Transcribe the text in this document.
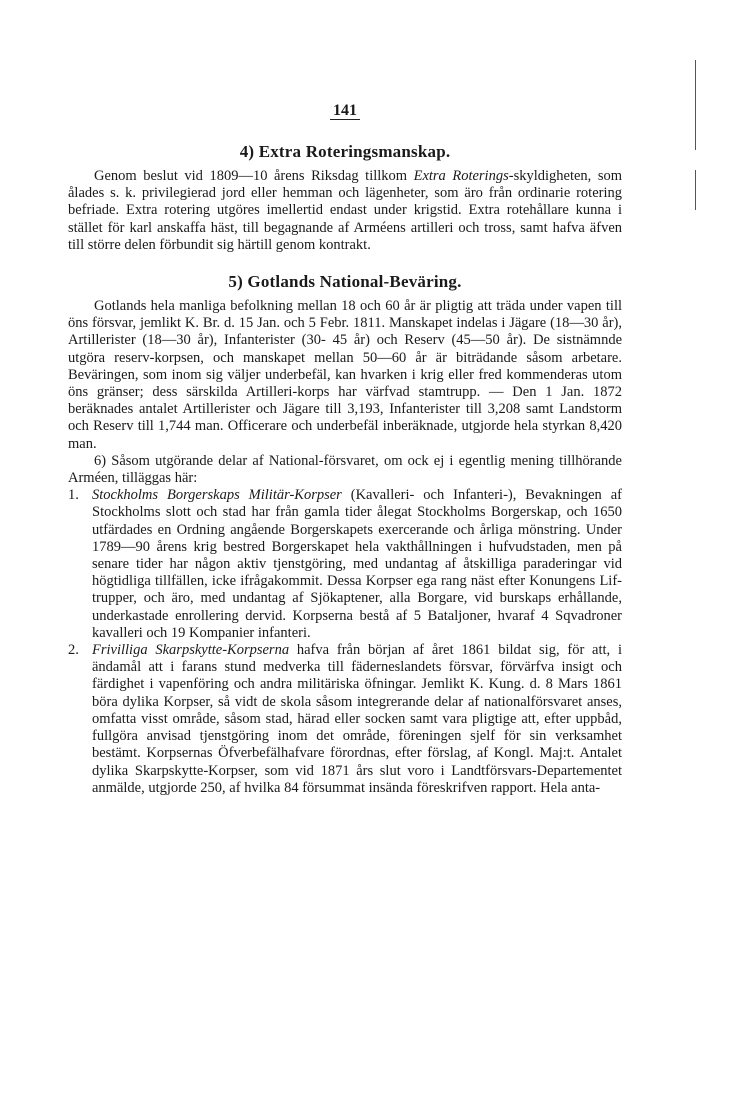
141
4) Extra Roteringsmanskap.

Genom beslut vid 1809—10 årens Riksdag tillkom Extra Roterings-skyldigheten, som ålades s. k. privilegierad jord eller hemman och lägenheter, som äro från ordinarie rotering befriade. Extra rotering utgöres imellertid endast under krigstid. Extra rotehållare kunna i stället för karl anskaffa häst, till begagnande af Arméens artilleri och tross, samt hafva äfven till större delen förbundit sig härtill genom kontrakt.

5) Gotlands National-Beväring.

Gotlands hela manliga befolkning mellan 18 och 60 år är pligtig att träda under vapen till öns försvar, jemlikt K. Br. d. 15 Jan. och 5 Febr. 1811. Manskapet indelas i Jägare (18—30 år), Artillerister (18—30 år), Infanterister (30- 45 år) och Reserv (45—50 år). De sistnämnde utgöra reserv-korpsen, och manskapet mellan 50—60 år är biträdande såsom arbetare. Beväringen, som inom sig väljer underbefäl, kan hvarken i krig eller fred kommenderas utom öns gränser; dess särskilda Artilleri-korps har värfvad stamtrupp. — Den 1 Jan. 1872 beräknades antalet Artillerister och Jägare till 3,193, Infanterister till 3,208 samt Landstorm och Reserv till 1,744 man. Officerare och underbefäl inberäknade, utgjorde hela styrkan 8,420 man.

6) Såsom utgörande delar af National-försvaret, om ock ej i egentlig mening tillhörande Arméen, tilläggas här:

1. Stockholms Borgerskaps Militär-Korpser (Kavalleri- och Infanteri-), Bevakningen af Stockholms slott och stad har från gamla tider ålegat Stockholms Borgerskap, och 1650 utfärdades en Ordning angående Borgerskapets exercerande och årliga mönstring. Under 1789—90 årens krig bestred Borgerskapet hela vakthållningen i hufvudstaden, men på senare tider har någon aktiv tjenstgöring, med undantag af åtskilliga paraderingar vid högtidliga tillfällen, icke ifrågakommit. Dessa Korpser ega rang näst efter Konungens Lif-trupper, och äro, med undantag af Sjökaptener, alla Borgare, vid burskaps erhållande, underkastade enrollering dervid. Korpserna bestå af 5 Bataljoner, hvaraf 4 Sqvadroner kavalleri och 19 Kompanier infanteri.
2. Frivilliga Skarpskytte-Korpserna hafva från början af året 1861 bildat sig, för att, i ändamål att i farans stund medverka till fäderneslandets försvar, förvärfva insigt och färdighet i vapenföring och andra militäriska öfningar. Jemlikt K. Kung. d. 8 Mars 1861 böra dylika Korpser, så vidt de skola såsom integrerande delar af nationalförsvaret anses, omfatta visst område, såsom stad, härad eller socken samt vara pligtige att, efter uppbåd, fullgöra anvisad tjenstgöring inom det område, föreningen sjelf för sin verksamhet bestämt. Korpsernas Öfverbefälhafvare förordnas, efter förslag, af Kongl. Maj:t. Antalet dylika Skarpskytte-Korpser, som vid 1871 års slut voro i Landtförsvars-Departementet anmälde, utgjorde 250, af hvilka 84 försummat insända föreskrifven rapport. Hela anta-
